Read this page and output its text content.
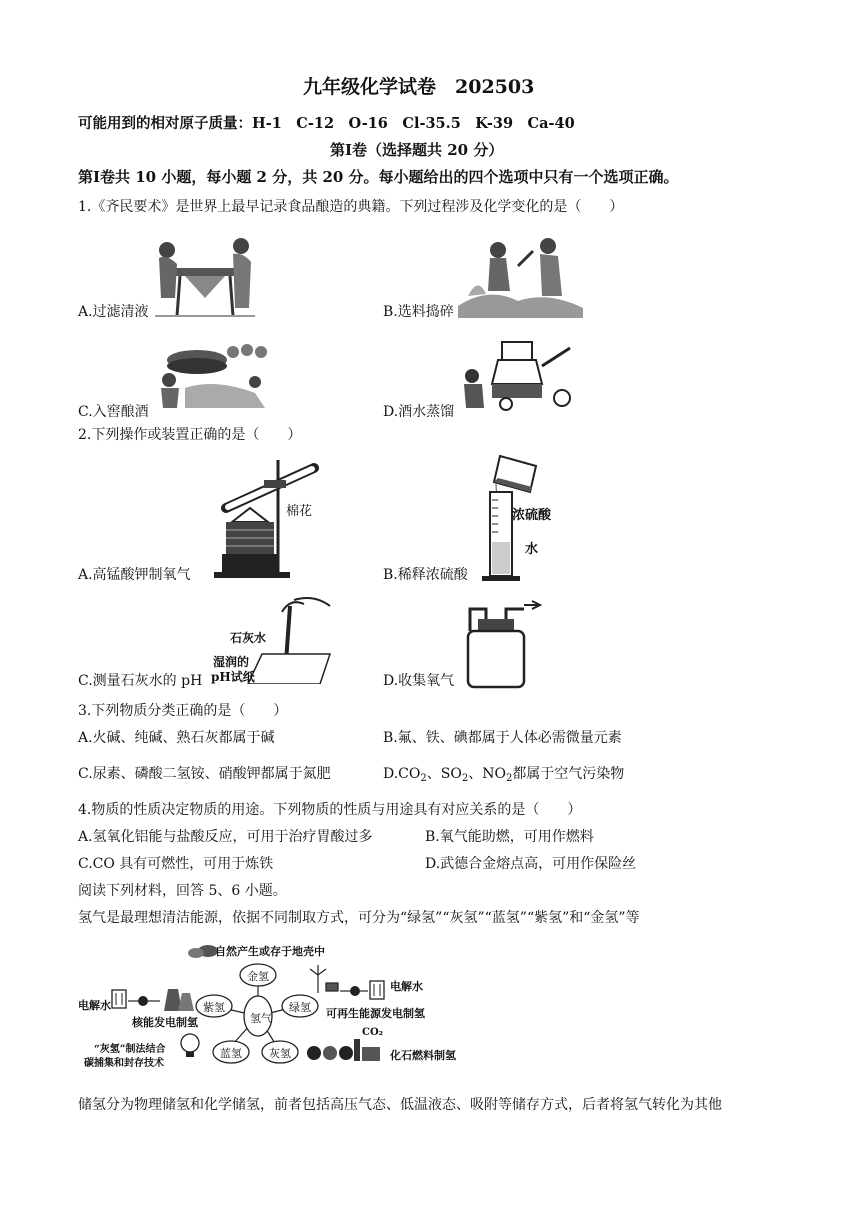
九年级化学试卷　202503
可能用到的相对原子质量：H-1　C-12　O-16　Cl-35.5　K-39　Ca-40
第Ⅰ卷（选择题共 20 分）
第Ⅰ卷共 10 小题，每小题 2 分，共 20 分。每小题给出的四个选项中只有一个选项正确。
1.《齐民要术》是世界上最早记录食品酿造的典籍。下列过程涉及化学变化的是（　　）
A.过滤清液	B.选料捣碎
C.入窖酿酒	D.酒水蒸馏
2.下列操作或装置正确的是（　　）
棉花
A.高锰酸钾制氧气
浓硫酸
水
B.稀释浓硫酸
石灰水
湿润的
pH试纸
C.测量石灰水的 pH	D.收集氧气
3.下列物质分类正确的是（　　）
A.火碱、纯碱、熟石灰都属于碱	B.氟、铁、碘都属于人体必需微量元素
C.尿素、磷酸二氢铵、硝酸钾都属于氮肥	$D.CO_2$、$SO_2$、$NO_2$都属于空气污染物
4.物质的性质决定物质的用途。下列物质的性质与用途具有对应关系的是（　　）
A.氢氧化铝能与盐酸反应，可用于治疗胃酸过多	B.氧气能助燃，可用作燃料
C.CO 具有可燃性，可用于炼铁	D.武德合金熔点高，可用作保险丝
阅读下列材料，回答 5、6 小题。
氢气是最理想清洁能源，依据不同制取方式，可分为“绿氢”“灰氢”“蓝氢”“紫氢”和“金氢”等
氢气
金氢
绿氢
灰氢
蓝氢
紫氢
自然产生或存于地壳中
电解水
核能发电制氢
电解水
可再生能源发电制氢
“灰氢”制法结合
碳捕集和封存技术
CO₂
化石燃料制氢
储氢分为物理储氢和化学储氢，前者包括高压气态、低温液态、吸附等储存方式，后者将氢气转化为其他
